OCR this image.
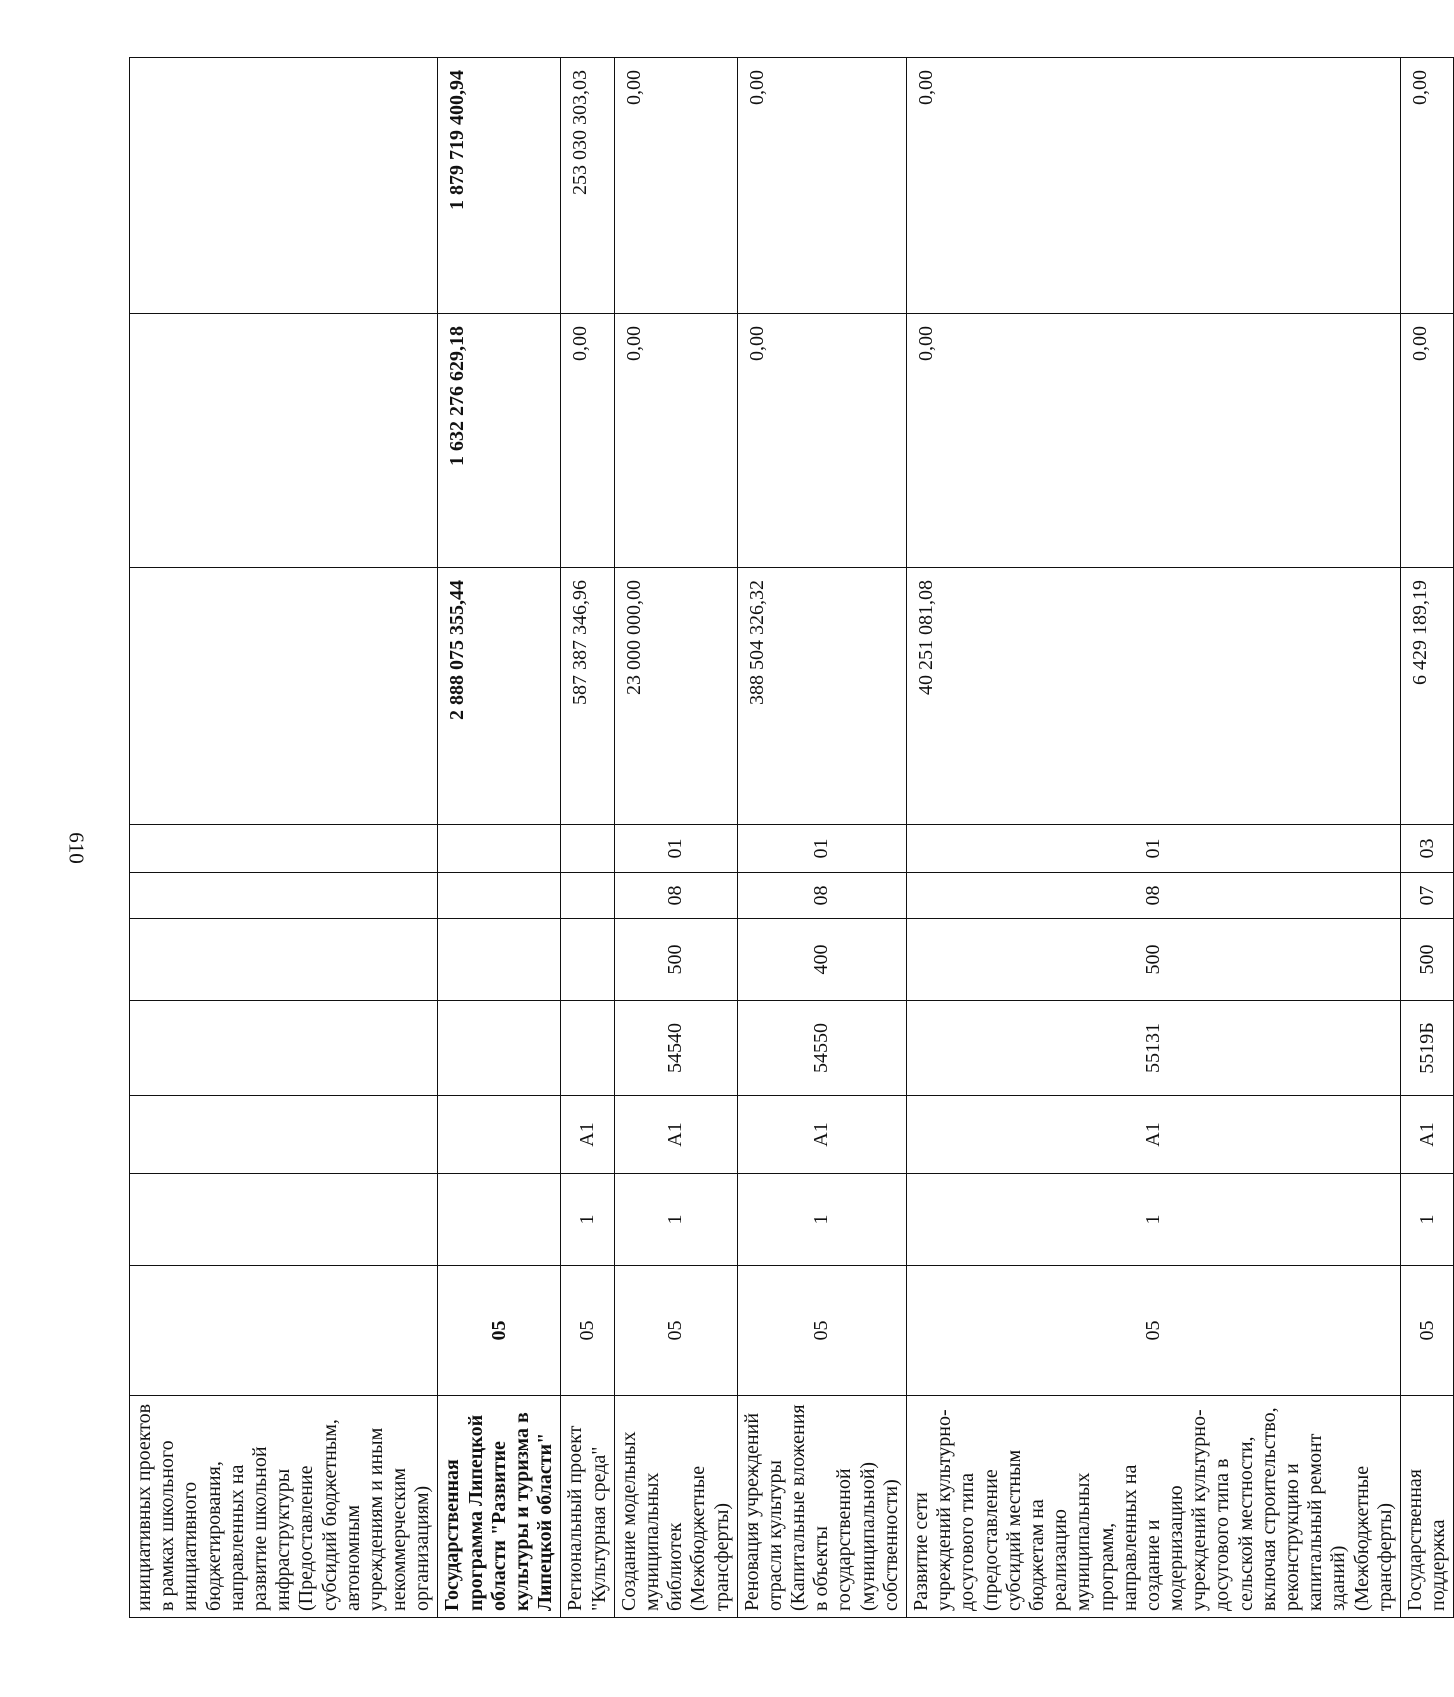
610
инициативных проектов в рамках школьного инициативного бюджетирования, направленных на развитие школьной инфраструктуры (Предоставление субсидий бюджетным, автономным учреждениям и иным некоммерческим организациям)										
Государственная программа Липецкой области "Развитие культуры и туризма в Липецкой области"	05							2 888 075 355,44	1 632 276 629,18	1 879 719 400,94
Региональный проект "Культурная среда"	05	1	А1					587 387 346,96	0,00	253 030 303,03
Создание модельных муниципальных библиотек (Межбюджетные трансферты)	05	1	А1	54540	500	08	01	23 000 000,00	0,00	0,00
Реновация учреждений отрасли культуры (Капитальные вложения в объекты государственной (муниципальной) собственности)	05	1	А1	54550	400	08	01	388 504 326,32	0,00	0,00
Развитие сети учреждений культурно-досугового типа (предоставление субсидий местным бюджетам на реализацию муниципальных программ, направленных на создание и модернизацию учреждений культурно-досугового типа в сельской местности, включая строительство, реконструкцию и капитальный ремонт зданий) (Межбюджетные трансферты)	05	1	А1	55131	500	08	01	40 251 081,08	0,00	0,00
Государственная поддержка	05	1	А1	5519Б	500	07	03	6 429 189,19	0,00	0,00
